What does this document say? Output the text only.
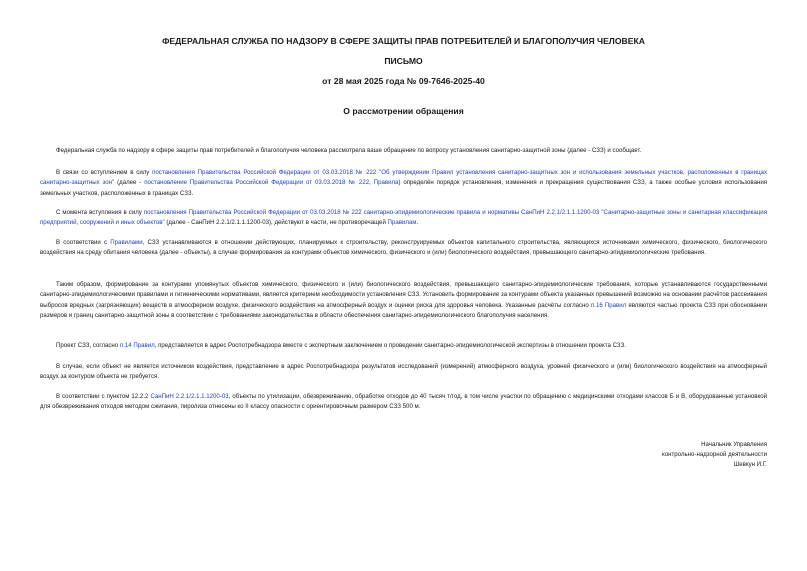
ФЕДЕРАЛЬНАЯ СЛУЖБА ПО НАДЗОРУ В СФЕРЕ ЗАЩИТЫ ПРАВ ПОТРЕБИТЕЛЕЙ И БЛАГОПОЛУЧИЯ ЧЕЛОВЕКА
ПИСЬМО
от 28 мая 2025 года № 09-7646-2025-40
О рассмотрении обращения

Федеральная служба по надзору в сфере защиты прав потребителей и благополучия человека рассмотрела ваше обращение по вопросу установления санитарно-защитной зоны (далее - СЗЗ) и сообщает.

В связи со вступлением в силу постановления Правительства Российской Федерации от 03.03.2018 № 222 "Об утверждении Правил установления санитарно-защитных зон и использования земельных участков, расположенных в границах санитарно-защитных зон" (далее - постановление Правительства Российской Федерации от 03.03.2018 № 222, Правила) определён порядок установления, изменения и прекращения существования СЗЗ, а также особые условия использования земельных участков, расположенных в границах СЗЗ.

С момента вступления в силу постановления Правительства Российской Федерации от 03.03.2018 № 222 санитарно-эпидемиологические правила и нормативы СанПиН 2.2.1/2.1.1.1200-03 "Санитарно-защитные зоны и санитарная классификация предприятий, сооружений и иных объектов" (далее - СанПиН 2.2.1/2.1.1.1200-03), действуют в части, не противоречащей Правилам.

В соответствии с Правилами, СЗЗ устанавливаются в отношении действующих, планируемых к строительству, реконструируемых объектов капитального строительства, являющихся источниками химического, физического, биологического воздействия на среду обитания человека (далее - объекты), в случае формирования за контурами объектов химического, физического и (или) биологического воздействия, превышающего санитарно-эпидемиологические требования.

Таким образом, формирование за контурами упомянутых объектов химического, физического и (или) биологического воздействия, превышающего санитарно-эпидемиологические требования, которые устанавливаются государственными санитарно-эпидемиологическими правилами и гигиеническими нормативами, является критерием необходимости установления СЗЗ. Установить формирование за контурами объекта указанных превышений возможно на основании расчётов рассеивания выбросов вредных (загрязняющих) веществ в атмосферном воздухе, физического воздействия на атмосферный воздух и оценки риска для здоровья человека. Указанные расчёты согласно п.16 Правил являются частью проекта СЗЗ при обосновании размеров и границ санитарно-защитной зоны в соответствии с требованиями законодательства в области обеспечения санитарно-эпидемиологического благополучия населения.

Проект СЗЗ, согласно п.14 Правил, представляется в адрес Роспотребнадзора вместе с экспертным заключением о проведении санитарно-эпидемиологической экспертизы в отношении проекта СЗЗ.

В случае, если объект не является источником воздействия, представление в адрес Роспотребнадзора результатов исследований (измерений) атмосферного воздуха, уровней физического и (или) биологического воздействия на атмосферный воздух за контуром объекта не требуется.

В соответствии с пунктом 12.2.2 СанПиН 2.2.1/2.1.1.1200-03, объекты по утилизации, обезвреживанию, обработке отходов до 40 тысяч т/год, в том числе участки по обращению с медицинскими отходами классов Б и В, оборудованные установкой для обезвреживания отходов методом сжигания, пиролиза отнесены ко II классу опасности с ориентировочным размером СЗЗ 500 м.

Начальник Управления
контрольно-надзорной деятельности
Шевкун И.Г.
